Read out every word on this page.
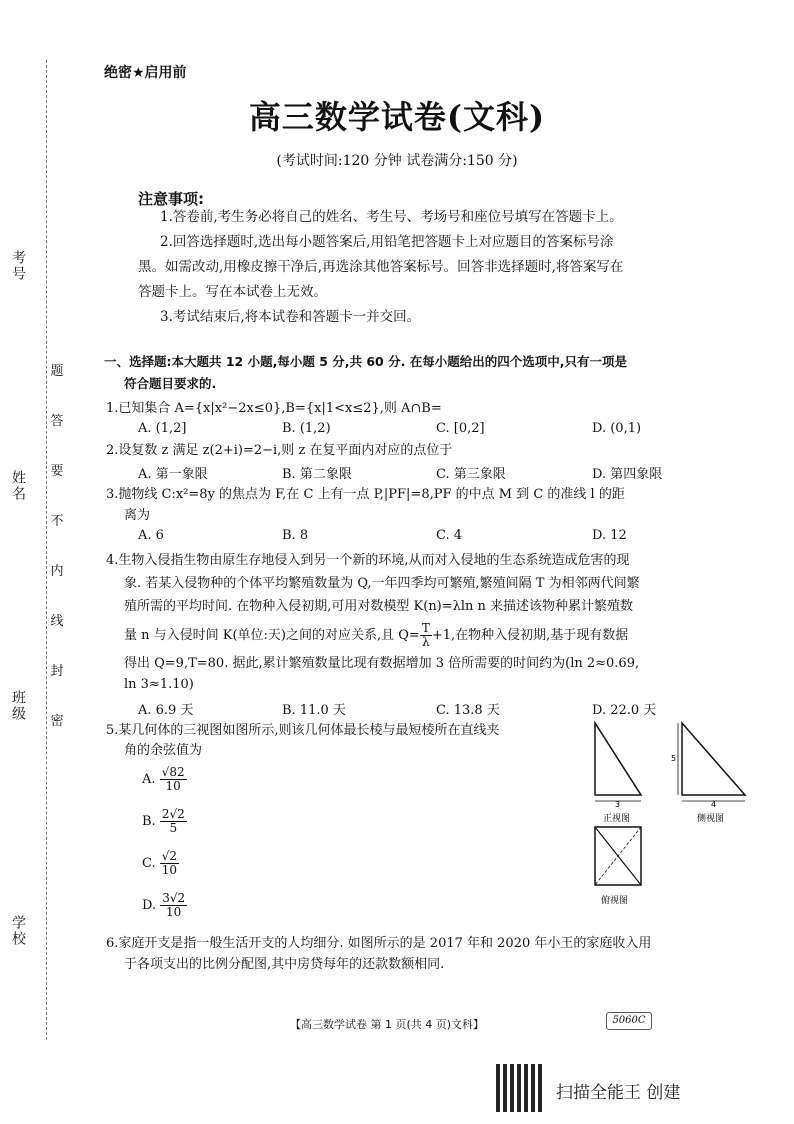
考号
姓名
班级
学校
题
答
要
不
内
线
封
密
绝密★启用前
高三数学试卷(文科)
(考试时间:120 分钟 试卷满分:150 分)
注意事项:
1.答卷前,考生务必将自己的姓名、考生号、考场号和座位号填写在答题卡上。
2.回答选择题时,选出每小题答案后,用铅笔把答题卡上对应题目的答案标号涂
黑。如需改动,用橡皮擦干净后,再选涂其他答案标号。回答非选择题时,将答案写在
答题卡上。写在本试卷上无效。
3.考试结束后,将本试卷和答题卡一并交回。
一、选择题:本大题共 12 小题,每小题 5 分,共 60 分. 在每小题给出的四个选项中,只有一项是
符合题目要求的.
1.已知集合 A={x|x²−2x≤0},B={x|1<x≤2},则 A∩B=
A. (1,2]	B. (1,2)	C. [0,2]	D. (0,1)
2.设复数 z 满足 z(2+i)=2−i,则 z 在复平面内对应的点位于
A. 第一象限	B. 第二象限	C. 第三象限	D. 第四象限
3.抛物线 C:x²=8y 的焦点为 F,在 C 上有一点 P,|PF|=8,PF 的中点 M 到 C 的准线 l 的距
离为
A. 6	B. 8	C. 4	D. 12
4.生物入侵指生物由原生存地侵入到另一个新的环境,从而对入侵地的生态系统造成危害的现
象. 若某入侵物种的个体平均繁殖数量为 Q,一年四季均可繁殖,繁殖间隔 T 为相邻两代间繁
殖所需的平均时间. 在物种入侵初期,可用对数模型 K(n)=λln n 来描述该物种累计繁殖数
量 n 与入侵时间 K(单位:天)之间的对应关系,且 $Q= \frac{T}{\lambda} +1$,在物种入侵初期,基于现有数据
得出 Q=9,T=80. 据此,累计繁殖数量比现有数据增加 3 倍所需要的时间约为(ln 2≈0.69,
ln 3≈1.10)
A. 6.9 天	B. 11.0 天	C. 13.8 天	D. 22.0 天
5.某几何体的三视图如图所示,则该几何体最长棱与最短棱所在直线夹
角的余弦值为
A. $\frac{√82}{10}$
B. $\frac{2√2}{5}$
C. $\frac{√2}{10}$
D. $\frac{3√2}{10}$
3
正视图
5
4
侧视图
俯视图
6.家庭开支是指一般生活开支的人均细分. 如图所示的是 2017 年和 2020 年小王的家庭收入用
于各项支出的比例分配图,其中房贷每年的还款数额相同.
【高三数学试卷 第 1 页(共 4 页)文科】	5060C
扫描全能王 创建
